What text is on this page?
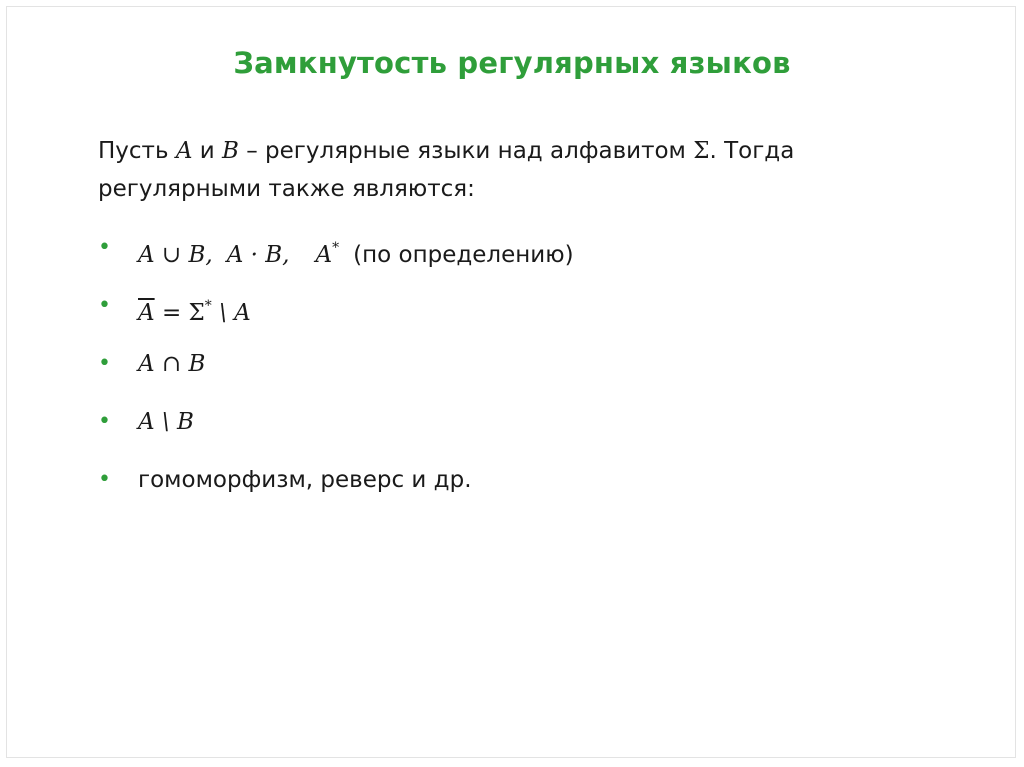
Замкнутость регулярных языков
Пусть A и B – регулярные языки над алфавитом Σ. Тогда регулярными также являются:
• A ∪ B, A · B, A* (по определению)
• $\overline{A} = \Sigma^*$ \ A
• A ∩ B
• A \ B
• гомоморфизм, реверс и др.
